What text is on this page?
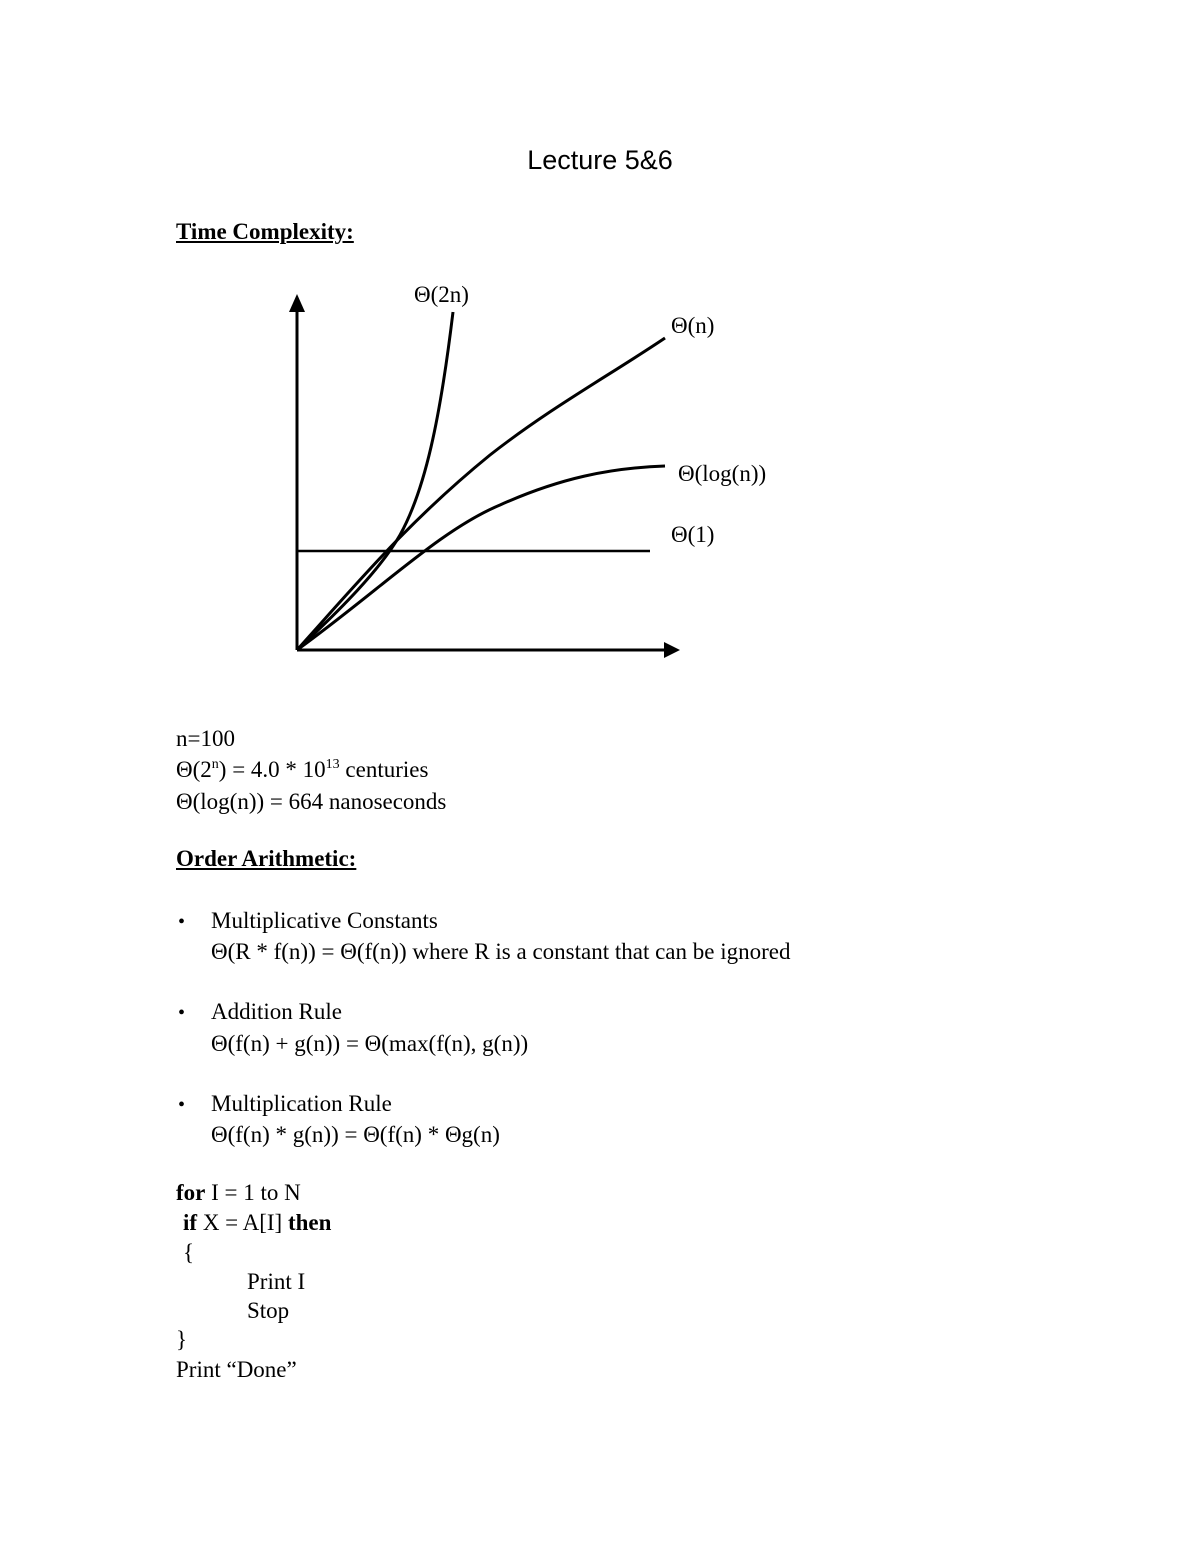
Lecture 5&6
Time Complexity:
Θ(2n)
Θ(n)
Θ(log(n))
Θ(1)
n=100
$\Theta(2^n) = 4.0 * 10^{13}$ centuries
Θ(log(n)) = 664 nanoseconds
Order Arithmetic:
• Multiplicative Constants
Θ(R * f(n)) = Θ(f(n)) where R is a constant that can be ignored
• Addition Rule
Θ(f(n) + g(n)) = Θ(max(f(n), g(n))
• Multiplication Rule
Θ(f(n) * g(n)) = Θ(f(n) * Θg(n)
for I = 1 to N
if X = A[I] then
{
Print I
Stop
}
Print “Done”
